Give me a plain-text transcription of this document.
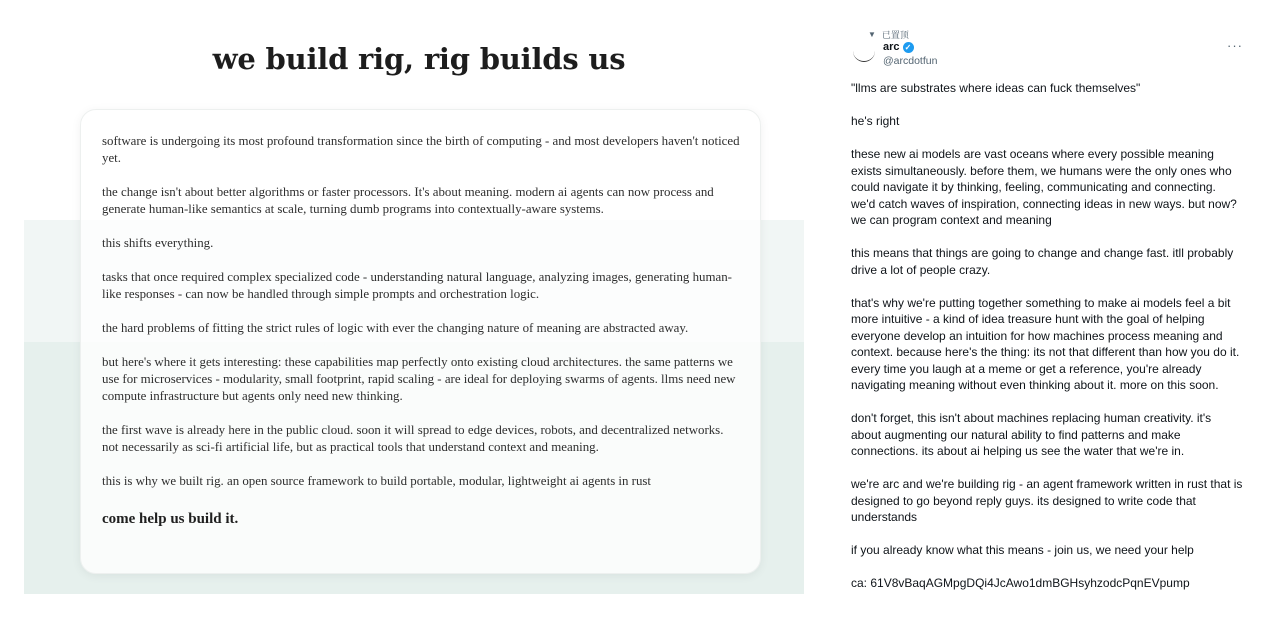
we build rig, rig builds us

software is undergoing its most profound transformation since the birth of computing - and most developers haven't noticed yet.

the change isn't about better algorithms or faster processors. It's about meaning. modern ai agents can now process and generate human-like semantics at scale, turning dumb programs into contextually-aware systems.

this shifts everything.

tasks that once required complex specialized code - understanding natural language, analyzing images, generating human-like responses - can now be handled through simple prompts and orchestration logic.

the hard problems of fitting the strict rules of logic with ever the changing nature of meaning are abstracted away.

but here's where it gets interesting: these capabilities map perfectly onto existing cloud architectures. the same patterns we use for microservices - modularity, small footprint, rapid scaling - are ideal for deploying swarms of agents. llms need new compute infrastructure but agents only need new thinking.

the first wave is already here in the public cloud. soon it will spread to edge devices, robots, and decentralized networks. not necessarily as sci-fi artificial life, but as practical tools that understand context and meaning.

this is why we built rig. an open source framework to build portable, modular, lightweight ai agents in rust

come help us build it.

▼ 已置顶
arc ✓
@arcdotfun
···

"llms are substrates where ideas can fuck themselves"

he's right

these new ai models are vast oceans where every possible meaning exists simultaneously. before them, we humans were the only ones who could navigate it by thinking, feeling, communicating and connecting. we'd catch waves of inspiration, connecting ideas in new ways. but now? we can program context and meaning

this means that things are going to change and change fast. itll probably drive a lot of people crazy.

that's why we're putting together something to make ai models feel a bit more intuitive - a kind of idea treasure hunt with the goal of helping everyone develop an intuition for how machines process meaning and context. because here's the thing: its not that different than how you do it. every time you laugh at a meme or get a reference, you're already navigating meaning without even thinking about it. more on this soon.

don't forget, this isn't about machines replacing human creativity. it's about augmenting our natural ability to find patterns and make connections. its about ai helping us see the water that we're in.

we're arc and we're building rig - an agent framework written in rust that is designed to go beyond reply guys. its designed to write code that understands

if you already know what this means - join us, we need your help

ca: 61V8vBaqAGMpgDQi4JcAwo1dmBGHsyhzodcPqnEVpump
